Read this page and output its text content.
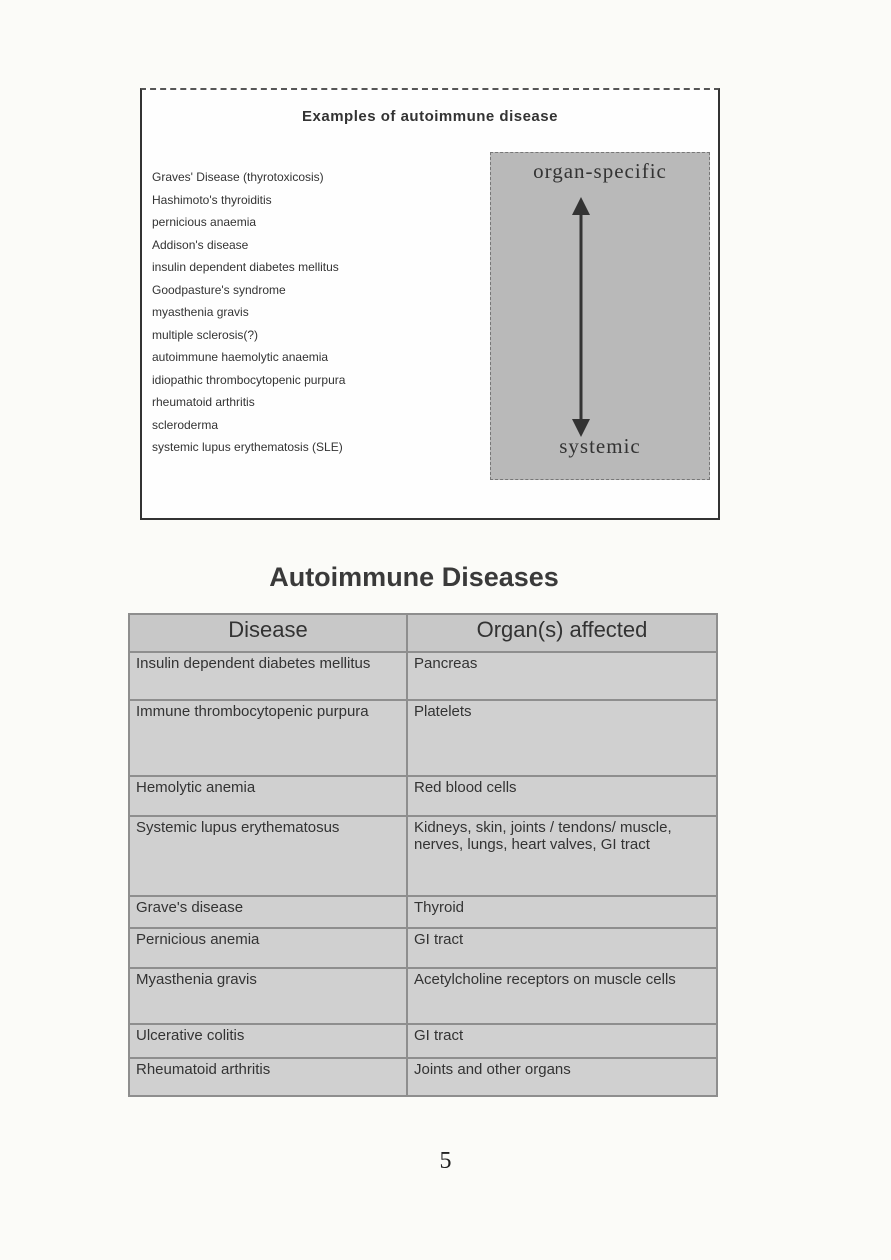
Examples of autoimmune disease
Graves' Disease (thyrotoxicosis)
Hashimoto's thyroiditis
pernicious anaemia
Addison's disease
insulin dependent diabetes mellitus
Goodpasture's syndrome
myasthenia gravis
multiple sclerosis(?)
autoimmune haemolytic anaemia
idiopathic thrombocytopenic purpura
rheumatoid arthritis
scleroderma
systemic lupus erythematosis (SLE)
organ-specific
systemic
Autoimmune Diseases
Disease	Organ(s) affected
Insulin dependent diabetes mellitus	Pancreas
Immune thrombocytopenic purpura	Platelets
Hemolytic anemia	Red blood cells
Systemic lupus erythematosus	Kidneys, skin, joints / tendons/ muscle, nerves, lungs, heart valves, GI tract
Grave's disease	Thyroid
Pernicious anemia	GI tract
Myasthenia gravis	Acetylcholine receptors on muscle cells
Ulcerative colitis	GI tract
Rheumatoid arthritis	Joints and other organs
5
